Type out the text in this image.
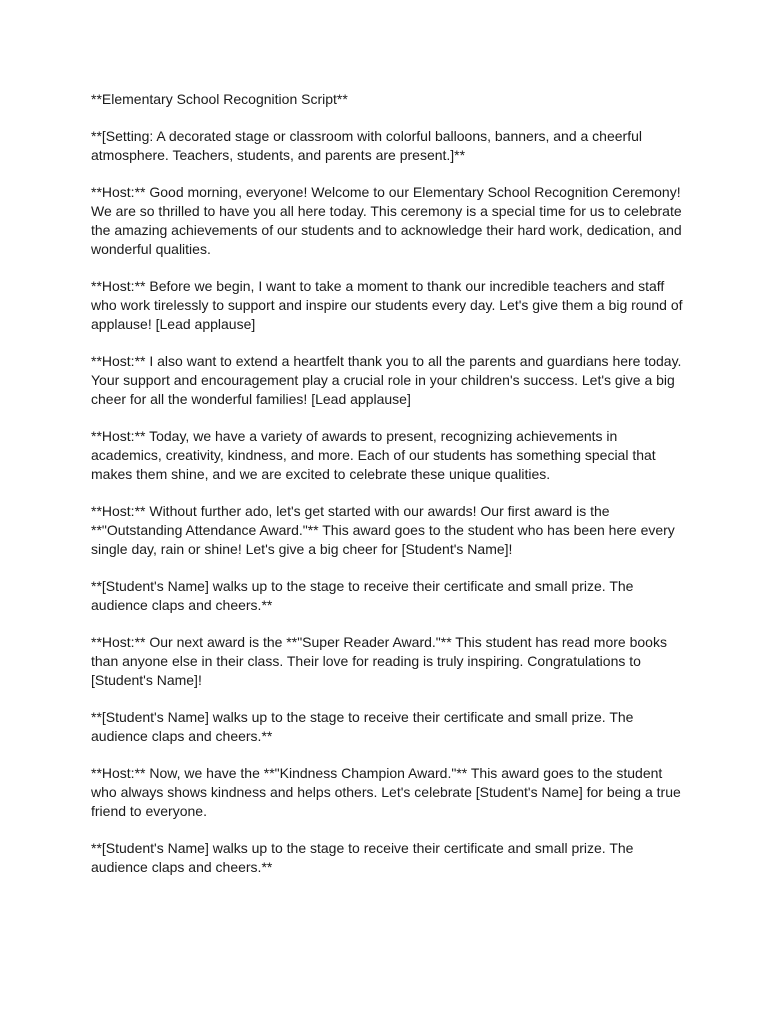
**Elementary School Recognition Script**

**[Setting: A decorated stage or classroom with colorful balloons, banners, and a cheerful atmosphere. Teachers, students, and parents are present.]**

**Host:** Good morning, everyone! Welcome to our Elementary School Recognition Ceremony! We are so thrilled to have you all here today. This ceremony is a special time for us to celebrate the amazing achievements of our students and to acknowledge their hard work, dedication, and wonderful qualities.

**Host:** Before we begin, I want to take a moment to thank our incredible teachers and staff who work tirelessly to support and inspire our students every day. Let's give them a big round of applause! [Lead applause]

**Host:** I also want to extend a heartfelt thank you to all the parents and guardians here today. Your support and encouragement play a crucial role in your children's success. Let's give a big cheer for all the wonderful families! [Lead applause]

**Host:** Today, we have a variety of awards to present, recognizing achievements in academics, creativity, kindness, and more. Each of our students has something special that makes them shine, and we are excited to celebrate these unique qualities.

**Host:** Without further ado, let's get started with our awards! Our first award is the **"Outstanding Attendance Award."** This award goes to the student who has been here every single day, rain or shine! Let's give a big cheer for [Student's Name]!

**[Student's Name] walks up to the stage to receive their certificate and small prize. The audience claps and cheers.**

**Host:** Our next award is the **"Super Reader Award."** This student has read more books than anyone else in their class. Their love for reading is truly inspiring. Congratulations to [Student's Name]!

**[Student's Name] walks up to the stage to receive their certificate and small prize. The audience claps and cheers.**

**Host:** Now, we have the **"Kindness Champion Award."** This award goes to the student who always shows kindness and helps others. Let's celebrate [Student's Name] for being a true friend to everyone.

**[Student's Name] walks up to the stage to receive their certificate and small prize. The audience claps and cheers.**
